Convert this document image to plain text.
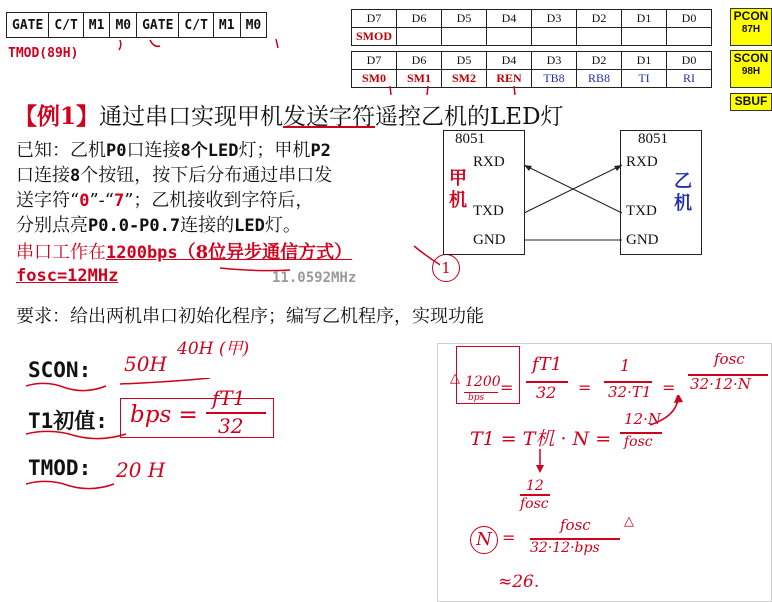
GATE	C/T	M1	M0	GATE	C/T	M1	M0
TMOD(89H)
D7	D6	D5	D4	D3	D2	D1	D0
SMOD							
PCON
87H
D7	D6	D5	D4	D3	D2	D1	D0
SM0	SM1	SM2	REN	TB8	RB8	TI	RI
SCON
98H
SBUF
【例1】通过串口实现甲机发送字符遥控乙机的LED灯
已知：乙机P0口连接8个LED灯；甲机P2
口连接8个按钮，按下后分布通过串口发
送字符“0”-“7”；乙机接收到字符后，
分别点亮P0.0-P0.7连接的LED灯。
串口工作在1200bps（8位异步通信方式）
fosc=12MHz	11.0592MHz
1
要求：给出两机串口初始化程序；编写乙机程序，实现功能
8051	8051
RXD
TXD
GND
RXD
TXD
GND
甲
机
乙
机
SCON: 50H
40H (甲)
T1初值: bps =
fT1
32
TMOD: 20 H
△ 1200
bps
=
fT1
32 =
1
32·T1 =
fosc
32·12·N
T1 = T机 · N =
12·N
fosc
12
fosc
N =
fosc
32·12·bps
△
≈26.
